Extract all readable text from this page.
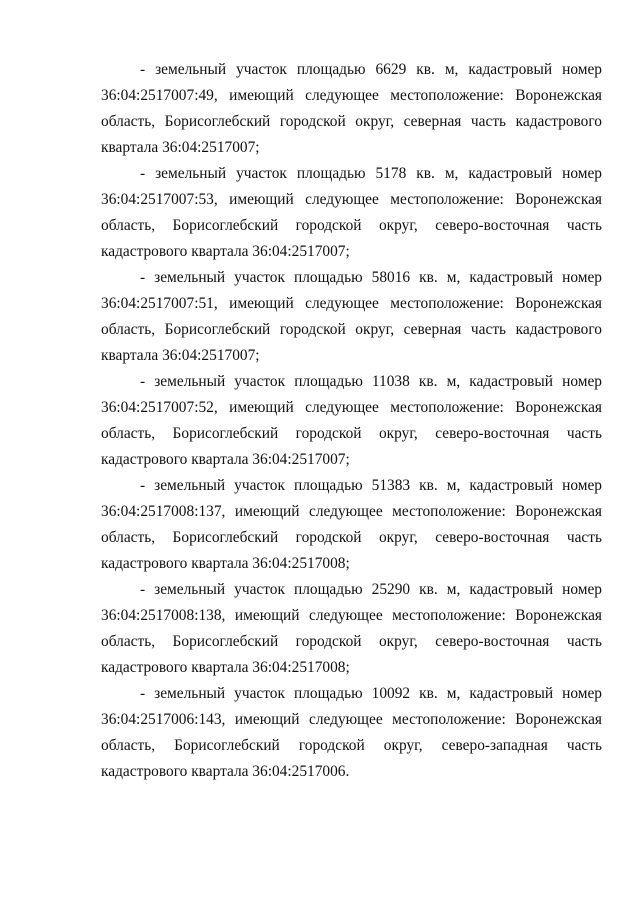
- земельный участок площадью 6629 кв. м, кадастровый номер
36:04:2517007:49, имеющий следующее местоположение: Воронежская
область, Борисоглебский городской округ, северная часть кадастрового
квартала 36:04:2517007;

- земельный участок площадью 5178 кв. м, кадастровый номер
36:04:2517007:53, имеющий следующее местоположение: Воронежская
область, Борисоглебский городской округ, северо-восточная часть
кадастрового квартала 36:04:2517007;

- земельный участок площадью 58016 кв. м, кадастровый номер
36:04:2517007:51, имеющий следующее местоположение: Воронежская
область, Борисоглебский городской округ, северная часть кадастрового
квартала 36:04:2517007;

- земельный участок площадью 11038 кв. м, кадастровый номер
36:04:2517007:52, имеющий следующее местоположение: Воронежская
область, Борисоглебский городской округ, северо-восточная часть
кадастрового квартала 36:04:2517007;

- земельный участок площадью 51383 кв. м, кадастровый номер
36:04:2517008:137, имеющий следующее местоположение: Воронежская
область, Борисоглебский городской округ, северо-восточная часть
кадастрового квартала 36:04:2517008;

- земельный участок площадью 25290 кв. м, кадастровый номер
36:04:2517008:138, имеющий следующее местоположение: Воронежская
область, Борисоглебский городской округ, северо-восточная часть
кадастрового квартала 36:04:2517008;

- земельный участок площадью 10092 кв. м, кадастровый номер
36:04:2517006:143, имеющий следующее местоположение: Воронежская
область, Борисоглебский городской округ, северо-западная часть
кадастрового квартала 36:04:2517006.
